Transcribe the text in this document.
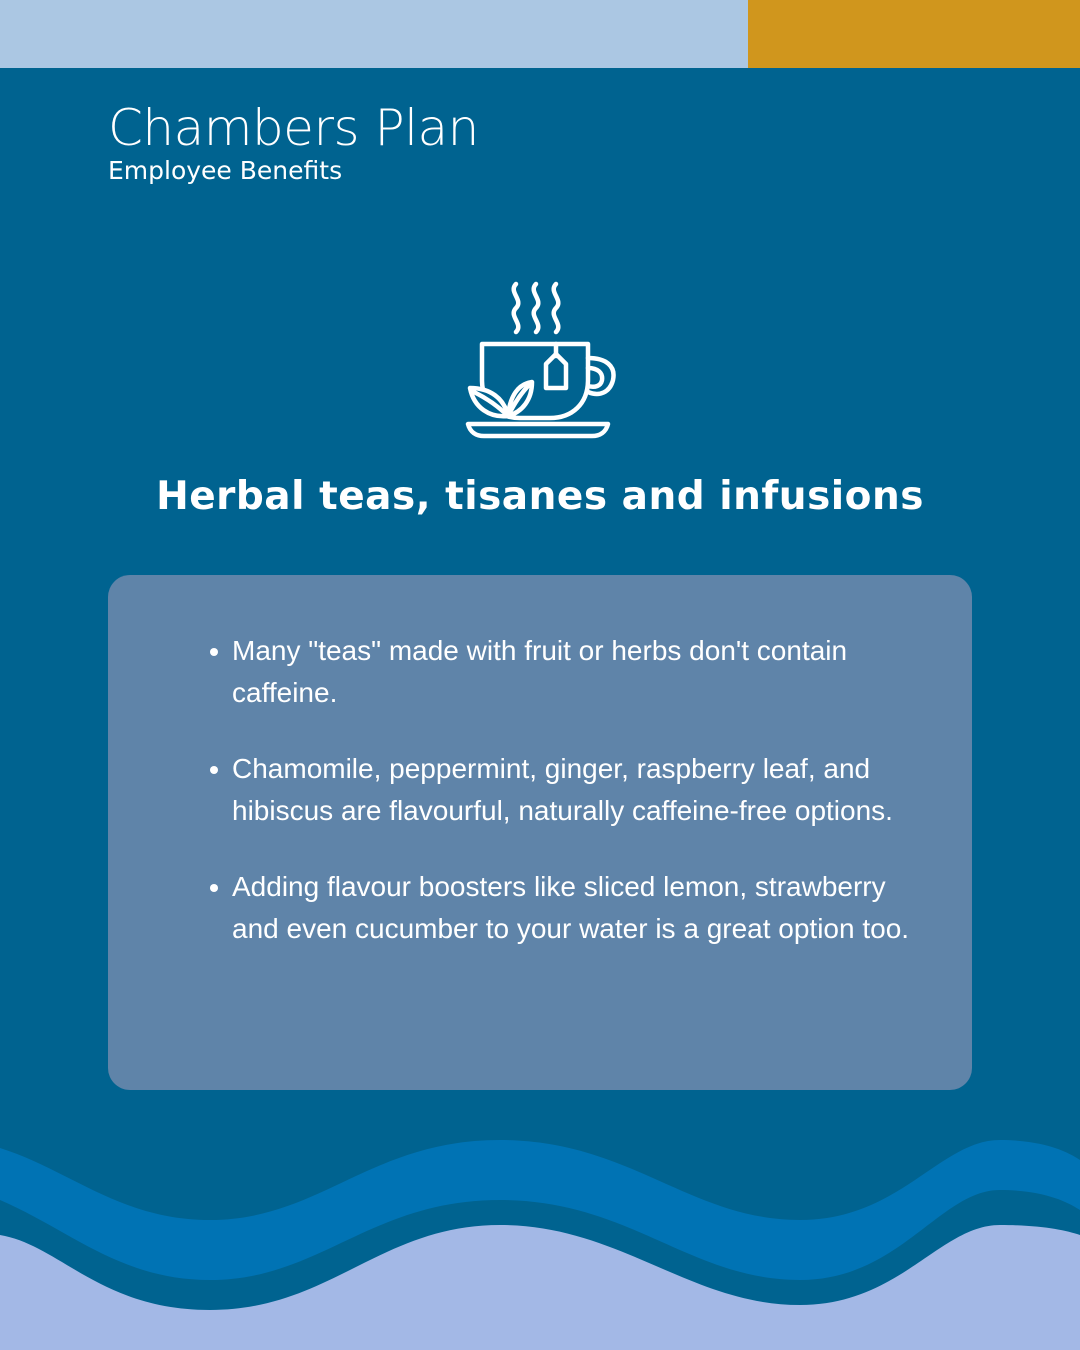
Chambers Plan
Employee Benefits
Herbal teas, tisanes and infusions
Many "teas" made with fruit or herbs don't contain caffeine.
Chamomile, peppermint, ginger, raspberry leaf, and hibiscus are flavourful, naturally caffeine-free options.
Adding flavour boosters like sliced lemon, strawberry and even cucumber to your water is a great option too.
